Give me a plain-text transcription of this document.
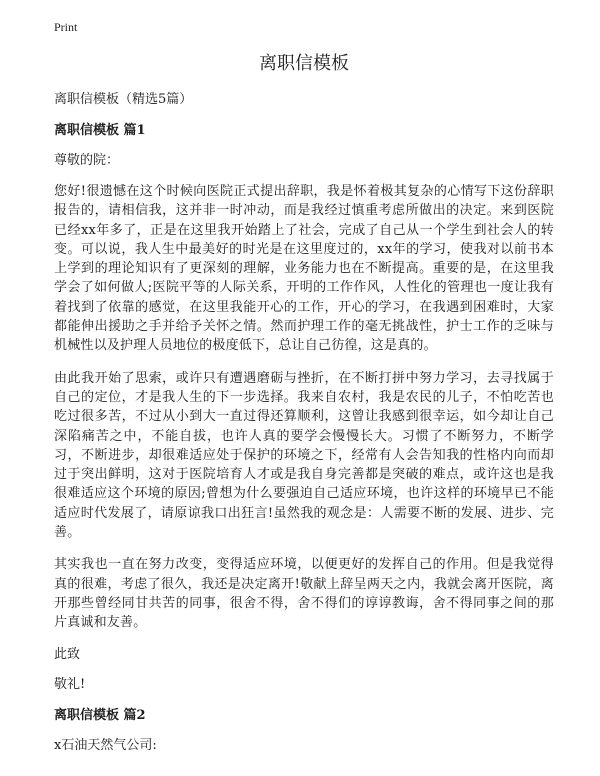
Print
离职信模板
离职信模板（精选5篇）
离职信模板 篇1
尊敬的院：

您好!很遗憾在这个时候向医院正式提出辞职，我是怀着极其复杂的心情写下这份辞职报告的，请相信我，这并非一时冲动，而是我经过慎重考虑所做出的决定。来到医院已经xx年多了，正是在这里我开始踏上了社会，完成了自己从一个学生到社会人的转变。可以说，我人生中最美好的时光是在这里度过的，xx年的学习，使我对以前书本上学到的理论知识有了更深刻的理解，业务能力也在不断提高。重要的是，在这里我学会了如何做人;医院平等的人际关系，开明的工作作风，人性化的管理也一度让我有着找到了依靠的感觉，在这里我能开心的工作，开心的学习，在我遇到困难时，大家都能伸出援助之手并给予关怀之情。然而护理工作的毫无挑战性，护士工作的乏味与机械性以及护理人员地位的极度低下，总让自己彷徨，这是真的。

由此我开始了思索，或许只有遭遇磨砺与挫折，在不断打拼中努力学习，去寻找属于自己的定位，才是我人生的下一步选择。我来自农村，我是农民的儿子，不怕吃苦也吃过很多苦，不过从小到大一直过得还算顺利，这曾让我感到很幸运，如今却让自己深陷痛苦之中，不能自拔，也许人真的要学会慢慢长大。习惯了不断努力，不断学习，不断进步，却很难适应处于保护的环境之下，经常有人会告知我的性格内向而却过于突出鲜明，这对于医院培育人才或是我自身完善都是突破的难点，或许这也是我很难适应这个环境的原因;曾想为什么要强迫自己适应环境，也许这样的环境早已不能适应时代发展了，请原谅我口出狂言!虽然我的观念是：人需要不断的发展、进步、完善。

其实我也一直在努力改变，变得适应环境，以便更好的发挥自己的作用。但是我觉得真的很难，考虑了很久，我还是决定离开!敬献上辞呈两天之内，我就会离开医院，离开那些曾经同甘共苦的同事，很舍不得，舍不得们的谆谆教诲，舍不得同事之间的那片真诚和友善。

此致
敬礼!
离职信模板 篇2
x石油天然气公司:
